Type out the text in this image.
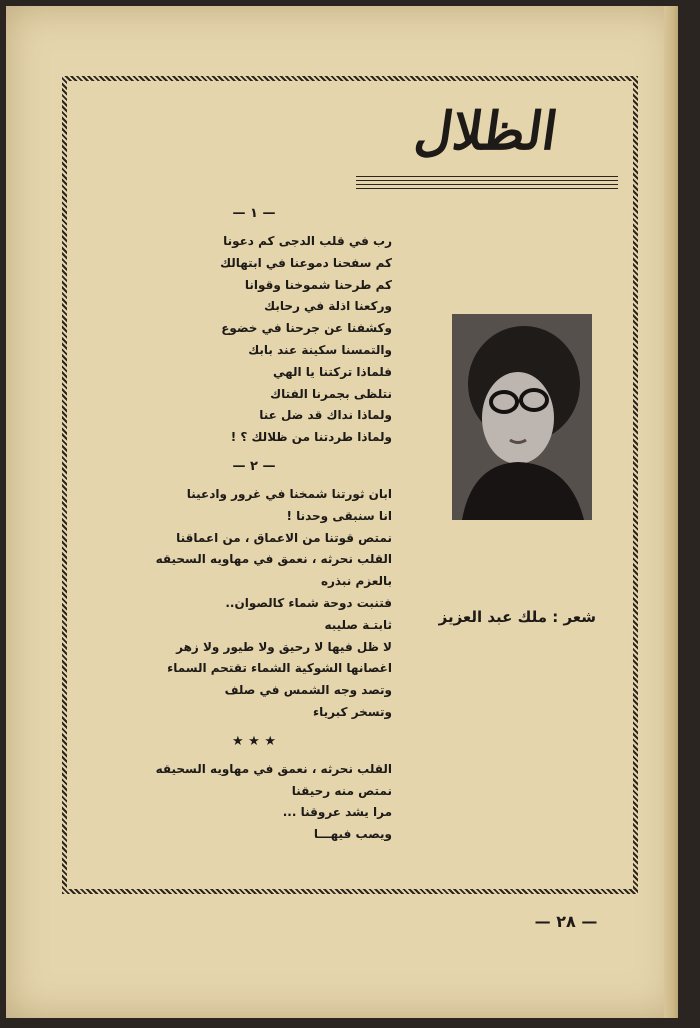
الظلال
شعر : ملك عبد العزيز
— ١ —
رب في قلب الدجى كم دعونا
كم سفحنا دموعنا في ابتهالك
كم طرحنا شموخنا وقوانا
وركعنا اذلة في رحابك
وكشفنا عن جرحنا في خضوع
والتمسنا سكينة عند بابك
فلماذا تركتنا يا الهي
نتلظى بجمرنا الفتاك
ولماذا نداك قد ضل عنا
ولماذا طردتنا من ظلالك ؟ !
— ٢ —
ابان ثورتنا شمخنا في غرور وادعينا
انا سنبقى وحدنا !
نمتص قوتنا من الاعماق ، من اعماقنا
القلب نحرثه ، نعمق في مهاويه السحيقه
بالعزم نبذره
فتنبت دوحة شماء كالصوان..
ثابتـة صليبه
لا ظل فيها لا رحيق ولا طيور ولا زهر
اغصانها الشوكية الشماء تقتحم السماء
وتصد وجه الشمس في صلف
وتسخر كبرياء
★ ★ ★
القلب نحرثه ، نعمق في مهاويه السحيقه
نمتص منه رحيقنا
مرا يشد عروقنا ...
ويصب فيهـــا
— ٢٨ —
